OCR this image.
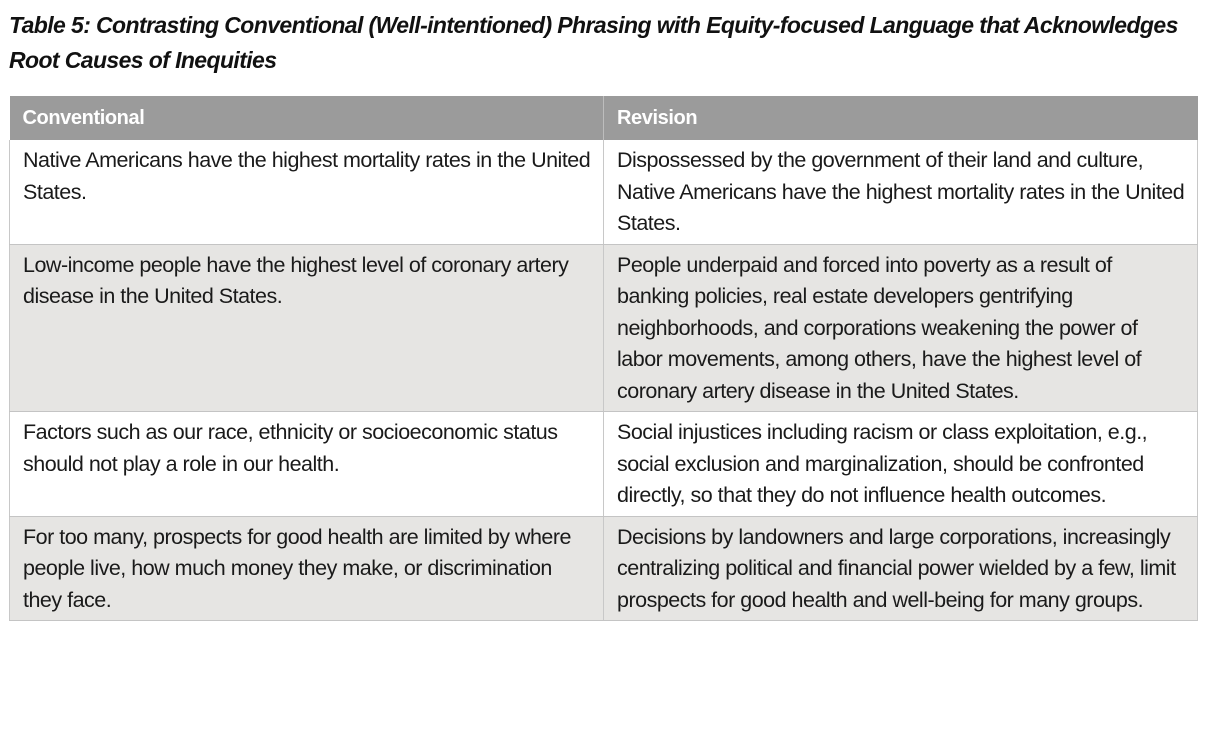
Table 5: Contrasting Conventional (Well-intentioned) Phrasing with Equity-focused Language that Acknowledges Root Causes of Inequities
Conventional	Revision
Native Americans have the highest mortality rates in the United States.	Dispossessed by the government of their land and culture, Native Americans have the highest mortality rates in the United States.
Low-income people have the highest level of coronary artery disease in the United States.	People underpaid and forced into poverty as a result of banking policies, real estate developers gentrifying neighborhoods, and corporations weakening the power of labor movements, among others, have the highest level of coronary artery disease in the United States.
Factors such as our race, ethnicity or socioeconomic status should not play a role in our health.	Social injustices including racism or class exploitation, e.g., social exclusion and marginalization, should be confronted directly, so that they do not influence health outcomes.
For too many, prospects for good health are limited by where people live, how much money they make, or discrimination they face.	Decisions by landowners and large corporations, increasingly centralizing political and financial power wielded by a few, limit prospects for good health and well-being for many groups.
